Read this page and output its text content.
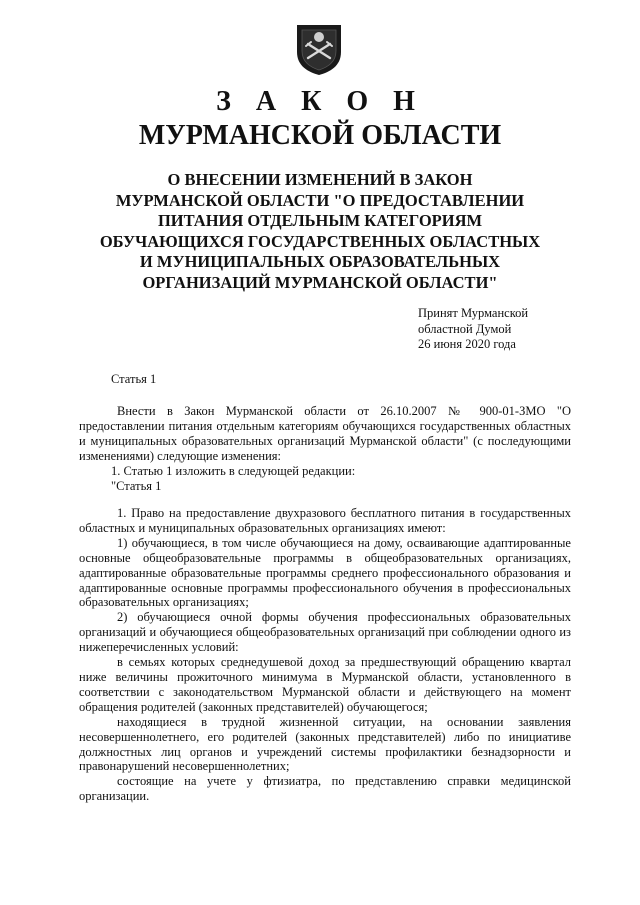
З А К О Н
МУРМАНСКОЙ ОБЛАСТИ
О ВНЕСЕНИИ ИЗМЕНЕНИЙ В ЗАКОН
МУРМАНСКОЙ ОБЛАСТИ "О ПРЕДОСТАВЛЕНИИ
ПИТАНИЯ ОТДЕЛЬНЫМ КАТЕГОРИЯМ
ОБУЧАЮЩИХСЯ ГОСУДАРСТВЕННЫХ ОБЛАСТНЫХ
И МУНИЦИПАЛЬНЫХ ОБРАЗОВАТЕЛЬНЫХ
ОРГАНИЗАЦИЙ МУРМАНСКОЙ ОБЛАСТИ"
Принят Мурманской
областной Думой
26 июня 2020 года

Статья 1

Внести в Закон Мурманской области от 26.10.2007 № 900-01-ЗМО "О предоставлении питания отдельным категориям обучающихся государственных областных и муниципальных образовательных организаций Мурманской области" (с последующими изменениями) следующие изменения:

1. Статью 1 изложить в следующей редакции:

"Статья 1

1. Право на предоставление двухразового бесплатного питания в государственных областных и муниципальных образовательных организациях имеют:

1) обучающиеся, в том числе обучающиеся на дому, осваивающие адаптированные основные общеобразовательные программы в общеобразовательных организациях, адаптированные образовательные программы среднего профессионального образования и адаптированные основные программы профессионального обучения в профессиональных образовательных организациях;

2) обучающиеся очной формы обучения профессиональных образовательных организаций и обучающиеся общеобразовательных организаций при соблюдении одного из нижеперечисленных условий:

в семьях которых среднедушевой доход за предшествующий обращению квартал ниже величины прожиточного минимума в Мурманской области, установленного в соответствии с законодательством Мурманской области и действующего на момент обращения родителей (законных представителей) обучающегося;

находящиеся в трудной жизненной ситуации, на основании заявления несовершеннолетнего, его родителей (законных представителей) либо по инициативе должностных лиц органов и учреждений системы профилактики безнадзорности и правонарушений несовершеннолетних;

состоящие на учете у фтизиатра, по представлению справки медицинской организации.
